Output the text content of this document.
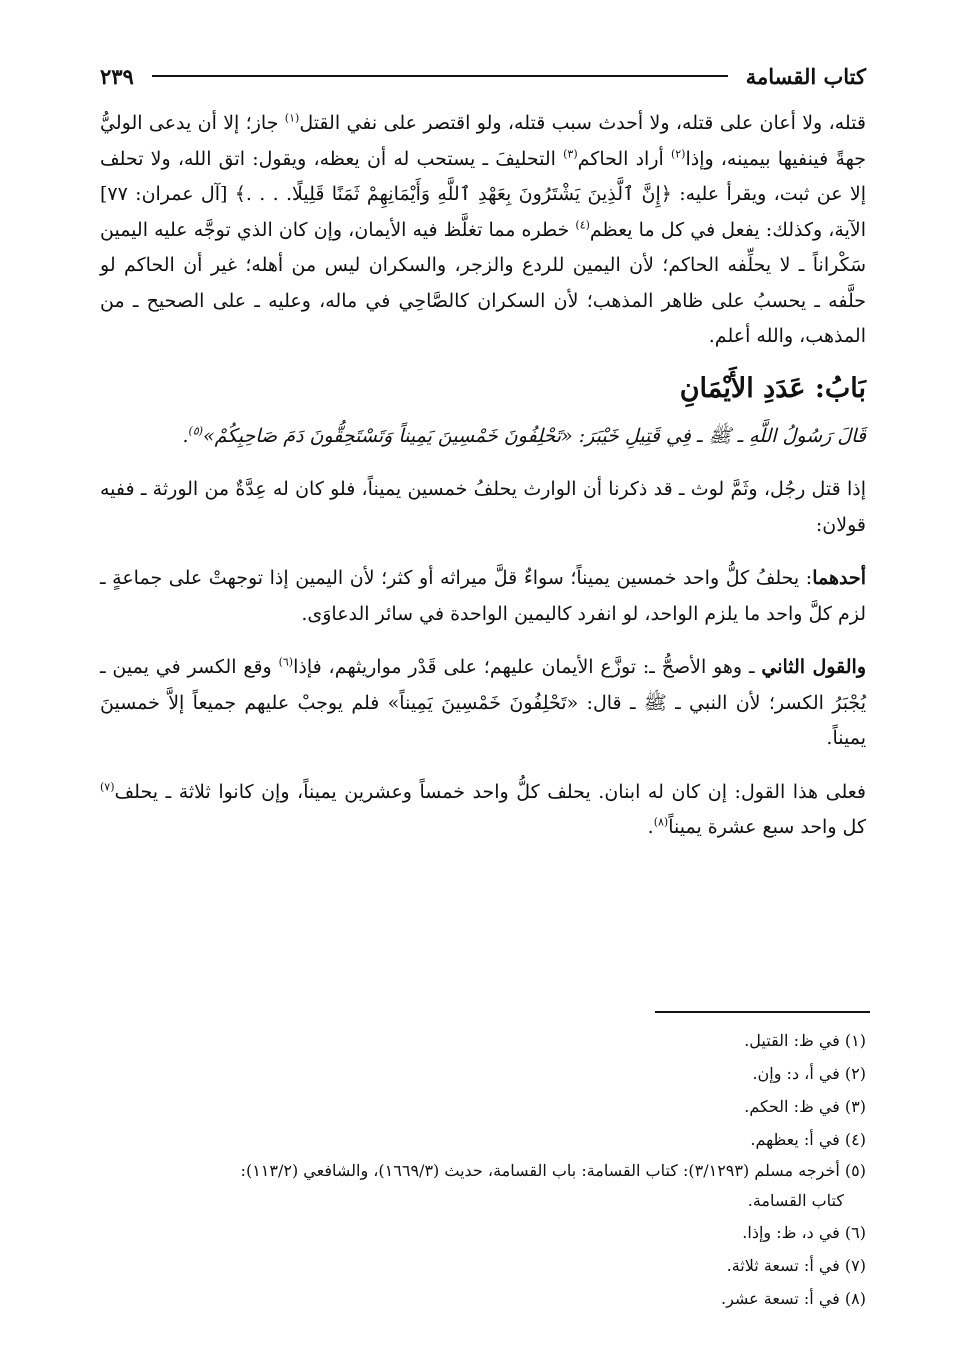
كتاب القسامة
٢٣٩

قتله، ولا أعان على قتله، ولا أحدث سبب قتله، ولو اقتصر على نفي القتل$^{(١)}$ جاز؛ إلا أن يدعى الوليُّ جهةً فينفيها بيمينه، وإذا$^{(٢)}$ أراد الحاكم$^{(٣)}$ التحليفَ ـ يستحب له أن يعظه، ويقول: اتق الله، ولا تحلف إلا عن ثبت، ويقرأ عليه: ﴿إِنَّ ٱلَّذِينَ يَشْتَرُونَ بِعَهْدِ ٱللَّهِ وَأَيْمَانِهِمْ ثَمَنًا قَلِيلًا. . . .﴾ [آل عمران: ٧٧] الآية، وكذلك: يفعل في كل ما يعظم$^{(٤)}$ خطره مما تغلَّظ فيه الأيمان، وإن كان الذي توجَّه عليه اليمين سَكْراناً ـ لا يحلِّفه الحاكم؛ لأن اليمين للردع والزجر، والسكران ليس من أهله؛ غير أن الحاكم لو حلَّفه ـ يحسبُ على ظاهر المذهب؛ لأن السكران كالصَّاحِي في ماله، وعليه ـ على الصحيح ـ من المذهب، والله أعلم.

بَابُ: عَدَدِ الأَيْمَانِ

قَالَ رَسُولُ اللَّهِ ـ ﷺ ـ فِي قَتِيلِ خَيْبَرَ: «تَحْلِفُونَ خَمْسِينَ يَمِيناً وَتَسْتَحِقُّونَ دَمَ صَاحِبِكُمْ»$^{(٥)}$.

إذا قتل رجُل، وثَمَّ لوث ـ قد ذكرنا أن الوارث يحلفُ خمسين يميناً، فلو كان له عِدَّةٌ من الورثة ـ ففيه قولان:

أحدهما: يحلفُ كلُّ واحد خمسين يميناً؛ سواءٌ قلَّ ميراثه أو كثر؛ لأن اليمين إذا توجهتْ على جماعةٍ ـ لزم كلَّ واحد ما يلزم الواحد، لو انفرد كاليمين الواحدة في سائر الدعاوَى.

والقول الثاني ـ وهو الأصحُّ ـ: توزَّع الأيمان عليهم؛ على قَدْر مواريثهم، فإذا$^{(٦)}$ وقع الكسر في يمين ـ يُجْبَرُ الكسر؛ لأن النبي ـ ﷺ ـ قال: «تَحْلِفُونَ خَمْسِينَ يَمِيناً» فلم يوجبْ عليهم جميعاً إلاَّ خمسينَ يميناً.

فعلى هذا القول: إن كان له ابنان. يحلف كلُّ واحد خمساً وعشرين يميناً، وإن كانوا ثلاثة ـ يحلف$^{(٧)}$ كل واحد سبع عشرة يميناً$^{(٨)}$.

(١) في ظ: القتيل.

(٢) في أ، د: وإن.

(٣) في ظ: الحكم.

(٤) في أ: يعظهم.

(٥) أخرجه مسلم (٣/١٢٩٣): كتاب القسامة: باب القسامة، حديث (١٦٦٩/٣)، والشافعي (١١٣/٢):
كتاب القسامة.

(٦) في د، ظ: وإذا.

(٧) في أ: تسعة ثلاثة.

(٨) في أ: تسعة عشر.
